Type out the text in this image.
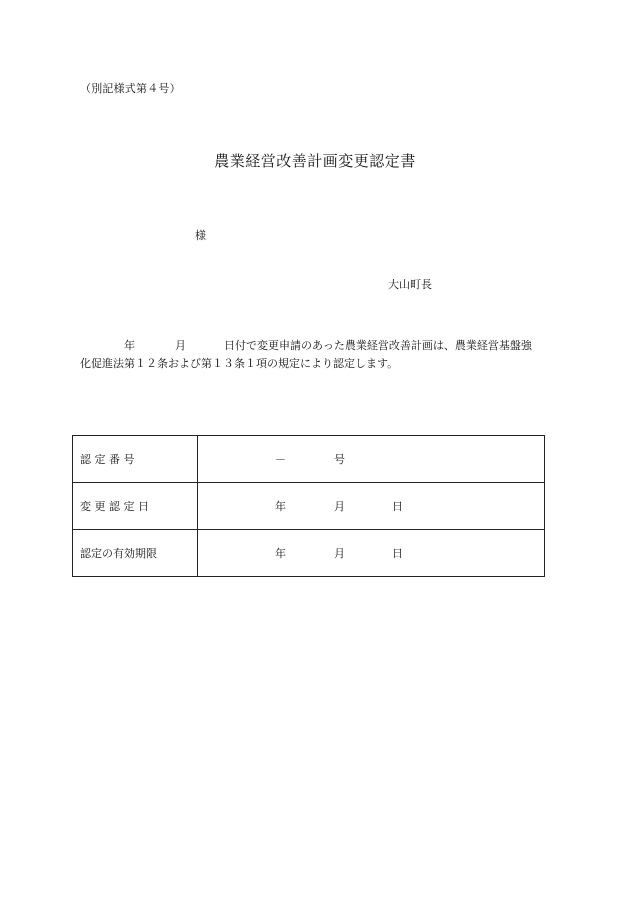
（別記様式第４号）
農業経営改善計画変更認定書
様
大山町長
年	月	日付で変更申請のあった農業経営改善計画は、農業経営基盤強
化促進法第１２条および第１３条１項の規定により認定します。
認 定 番 号	－ 号

変 更 認 定 日	年 月 日

認定の有効期限	年 月 日
